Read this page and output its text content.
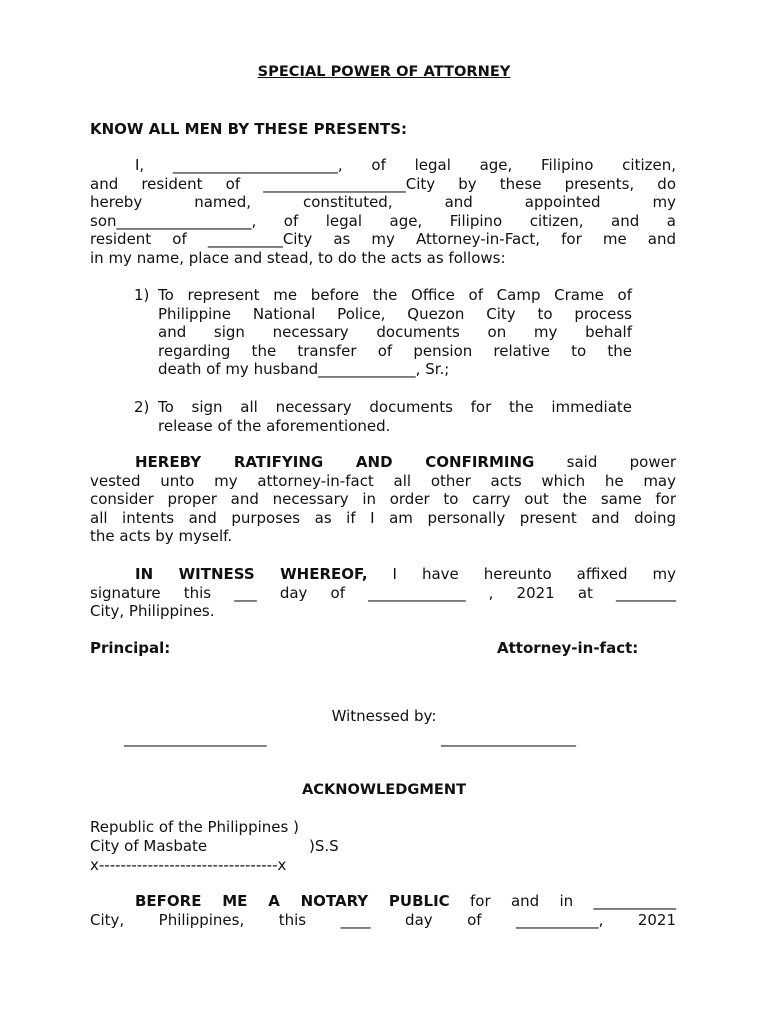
SPECIAL POWER OF ATTORNEY
KNOW ALL MEN BY THESE PRESENTS:
I, ______________________, of legal age, Filipino citizen,
and resident of ___________________City by these presents, do
hereby named, constituted, and appointed my
son__________________, of legal age, Filipino citizen, and a
resident of __________City as my Attorney-in-Fact, for me and
in my name, place and stead, to do the acts as follows:
1) To represent me before the Office of Camp Crame of
Philippine National Police, Quezon City to process
and sign necessary documents on my behalf
regarding the transfer of pension relative to the
death of my husband_____________, Sr.;
2) To sign all necessary documents for the immediate
release of the aforementioned.
HEREBY RATIFYING AND CONFIRMING said power
vested unto my attorney-in-fact all other acts which he may
consider proper and necessary in order to carry out the same for
all intents and purposes as if I am personally present and doing
the acts by myself.
IN WITNESS WHEREOF, I have hereunto affixed my
signature this ___ day of _____________ , 2021 at ________
City, Philippines.
Principal:	Attorney-in-fact:
Witnessed by:
___________________	__________________
ACKNOWLEDGMENT
Republic of the Philippines )
City of Masbate	)S.S
x---------------------------------x
BEFORE ME A NOTARY PUBLIC for and in ___________
City, Philippines, this ____ day of ___________, 2021
